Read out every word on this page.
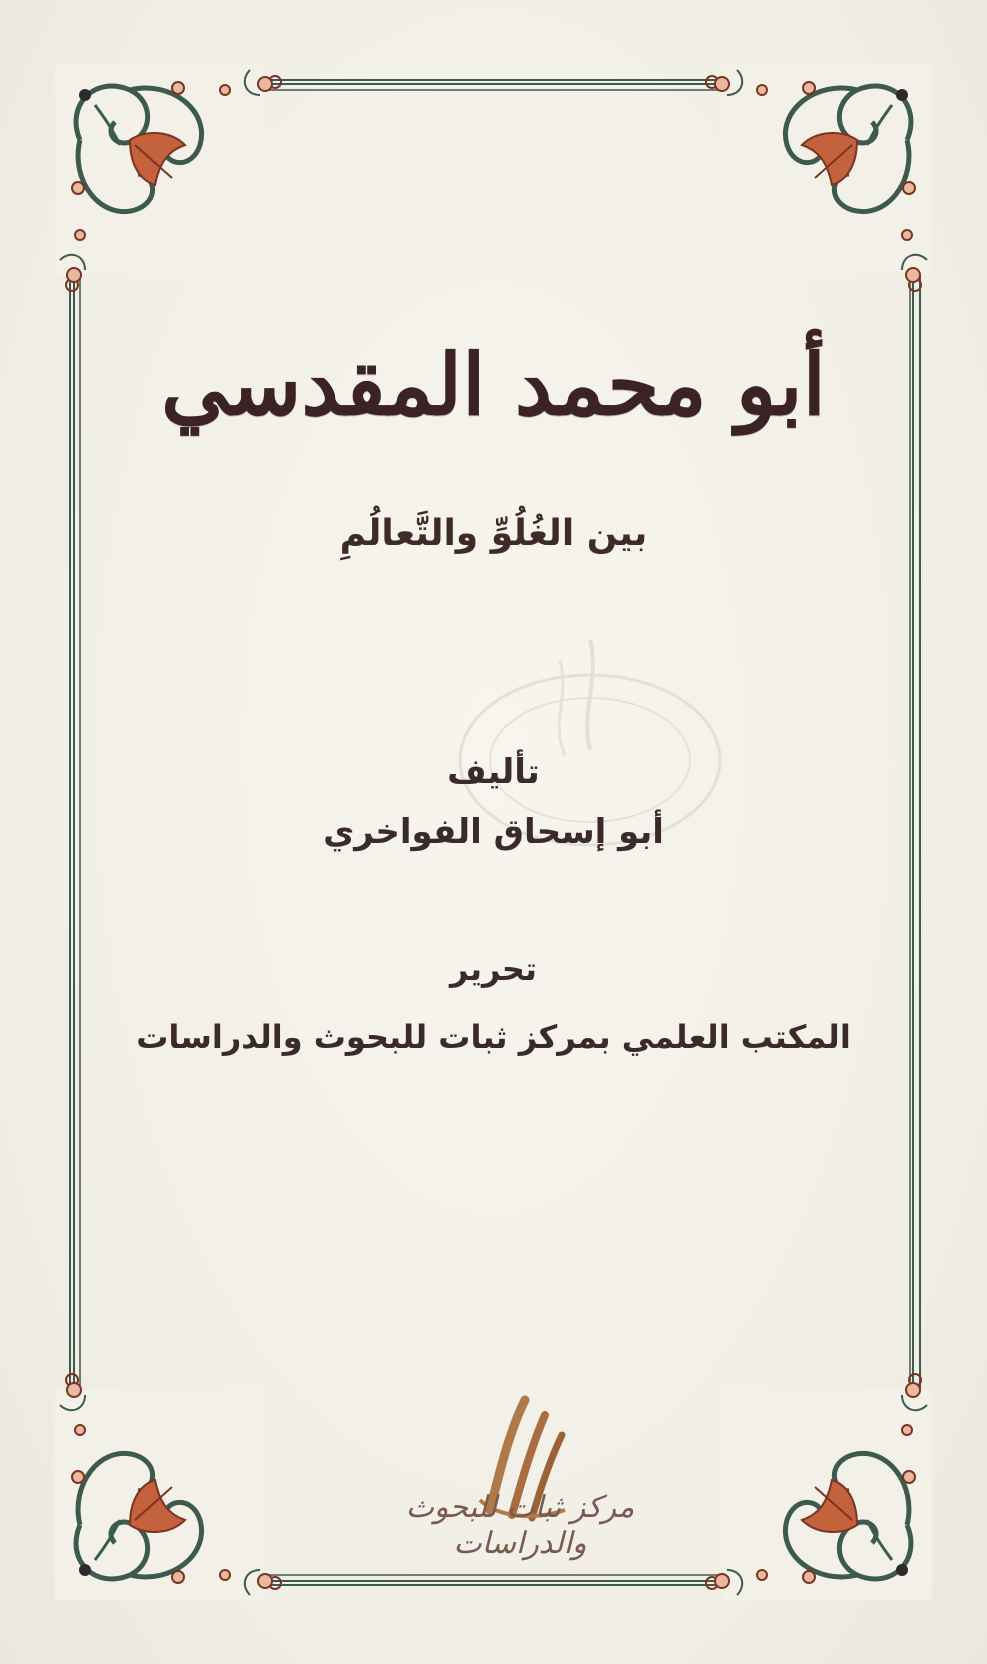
أبو محمد المقدسي
بين الغُلُوِّ والتَّعالُمِ
تأليف
أبو إسحاق الفواخري
تحرير
المكتب العلمي بمركز ثبات للبحوث والدراسات
مركز ثبات للبحوث والدراسات
